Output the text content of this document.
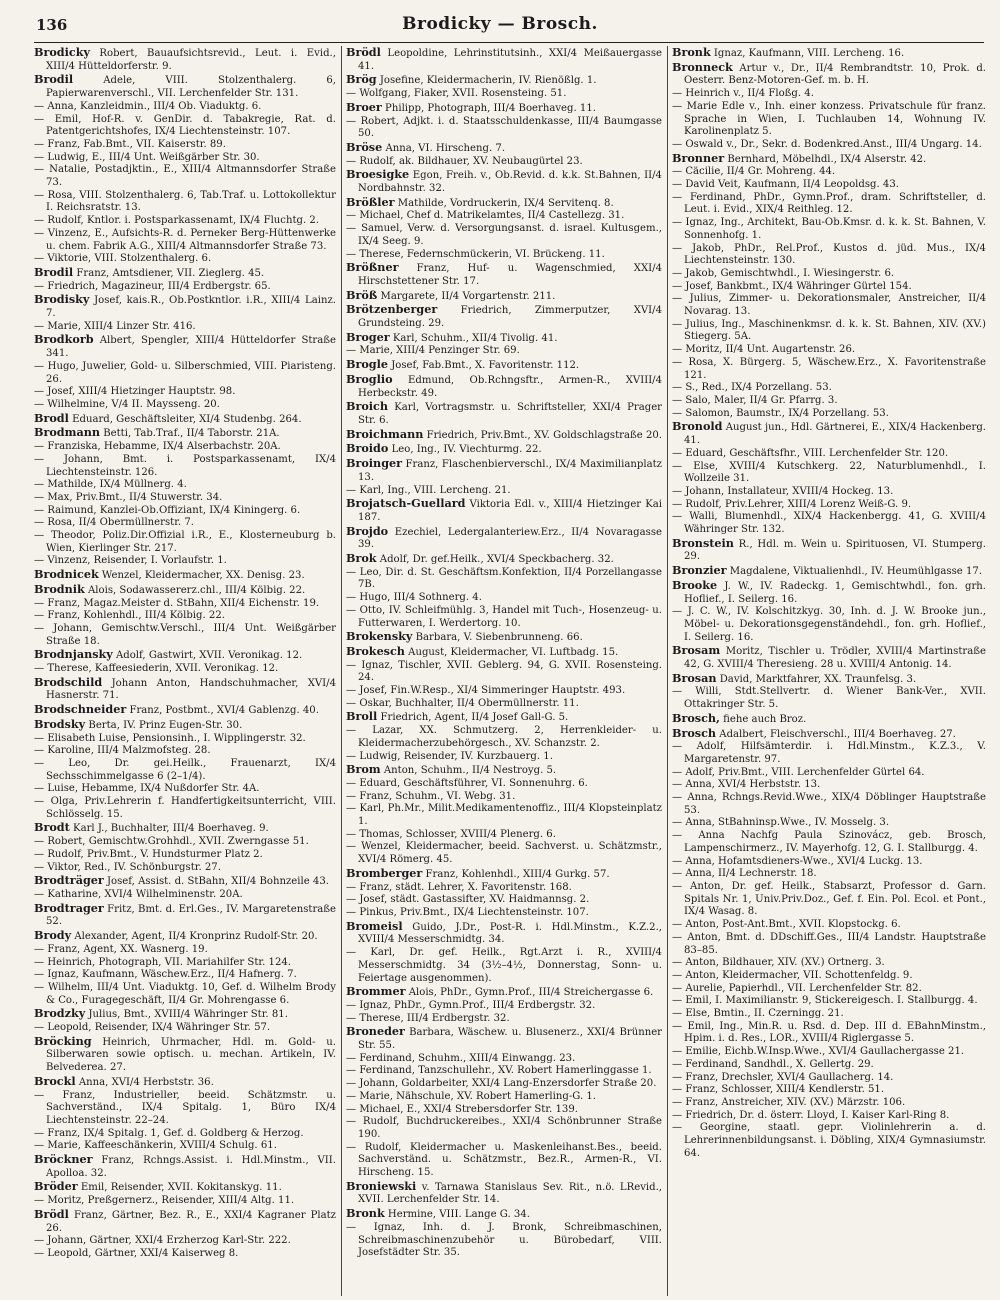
136	Brodicky — Brosch.

Brodicky Robert, Bauaufsichtsrevid., Leut. i. Evid., XIII/4 Hütteldorferstr. 9.

Brodil	Adele, VIII. Stolzenthalerg. 6, Papierwarenverschl., VII. Lerchenfelder Str. 131.

— Anna, Kanzleidmin., III/4 Ob. Viaduktg. 6.

— Emil, Hof-R. v. GenDir. d. Tabakregie, Rat. d. Patentgerichtshofes, IX/4 Liechtensteinstr. 107.

— Franz, Fab.Bmt., VII. Kaiserstr. 89.

— Ludwig, E., III/4 Unt. Weißgärber Str. 30.

— Natalie, Postadjktin., E., XIII/4 Altmannsdorfer Straße 73.

— Rosa, VIII. Stolzenthalerg. 6, Tab.Traf. u. Lottokollektur I. Reichsratstr. 13.

— Rudolf, Kntlor. i. Postsparkassenamt, IX/4 Fluchtg. 2.

— Vinzenz, E., Aufsichts-R. d. Perneker Berg-Hüttenwerke u. chem. Fabrik A.G., XIII/4 Altmannsdorfer Straße 73.

— Viktorie, VIII. Stolzenthalerg. 6.

Brodil Franz, Amtsdiener, VII. Zieglerg. 45.

— Friedrich, Magazineur, III/4 Erdbergstr. 65.

Brodisky Josef, kais.R., Ob.Postkntlor. i.R., XIII/4 Lainz. 7.

— Marie, XIII/4 Linzer Str. 416.

Brodkorb Albert, Spengler, XIII/4 Hütteldorfer Straße 341.

— Hugo, Juwelier, Gold- u. Silberschmied, VIII. Piaristeng. 26.

— Josef, XIII/4 Hietzinger Hauptstr. 98.

— Wilhelmine, V/4 II. Maysseng. 20.

Brodl Eduard, Geschäftsleiter, XI/4 Studenbg. 264.

Brodmann Betti, Tab.Traf., II/4 Taborstr. 21A.

— Franziska, Hebamme, IX/4 Alserbachstr. 20A.

— Johann, Bmt. i. Postsparkassenamt, IX/4 Liechtensteinstr. 126.

— Mathilde, IX/4 Müllnerg. 4.

— Max, Priv.Bmt., II/4 Stuwerstr. 34.

— Raimund, Kanzlei-Ob.Offiziant, IX/4 Kiningerg. 6.

— Rosa, II/4 Obermüllnerstr. 7.

— Theodor, Poliz.Dir.Offizial i.R., E., Klosterneuburg b. Wien, Kierlinger Str. 217.

— Vinzenz, Reisender, I. Vorlaufstr. 1.

Brodnicek Wenzel, Kleidermacher, XX. Denisg. 23.

Brodnik Alois, Sodawassererz.chl., III/4 Kölbig. 22.

— Franz, Magaz.Meister d. StBahn, XII/4 Eichenstr. 19.

— Franz, Kohlenhdl., III/4 Kölbig. 22.

— Johann, Gemischtw.Verschl., III/4 Unt. Weißgärber Straße 18.

Brodnjansky Adolf, Gastwirt, XVII. Veronikag. 12.

— Therese, Kaffeesiederin, XVII. Veronikag. 12.

Brodschild Johann Anton, Handschuhmacher, XVI/4 Hasnerstr. 71.

Brodschneider Franz, Postbmt., XVI/4 Gablenzg. 40.

Brodsky Berta, IV. Prinz Eugen-Str. 30.

— Elisabeth Luise, Pensionsinh., I. Wipplingerstr. 32.

— Karoline, III/4 Malzmofsteg. 28.

— Leo, Dr. gei.Heilk., Frauenarzt, IX/4 Sechsschimmelgasse 6 (2–1/4).

— Luise, Hebamme, IX/4 Nußdorfer Str. 4A.

— Olga, Priv.Lehrerin f. Handfertigkeitsunterricht, VIII. Schlösselg. 15.

Brodt Karl J., Buchhalter, III/4 Boerhaveg. 9.

— Robert, Gemischtw.Grohhdl., XVII. Zwerngasse 51.

— Rudolf, Priv.Bmt., V. Hundsturmer Platz 2.

— Viktor, Red., IV. Schönburgstr. 27.

Brodträger Josef, Assist. d. StBahn, XII/4 Bohnzeile 43.

— Katharine, XVI/4 Wilhelminenstr. 20A.

Brodtrager Fritz, Bmt. d. Erl.Ges., IV. Margaretenstraße 52.

Brody Alexander, Agent, II/4 Kronprinz Rudolf-Str. 20.

— Franz, Agent, XX. Wasnerg. 19.

— Heinrich, Photograph, VII. Mariahilfer Str. 124.

— Ignaz, Kaufmann, Wäschew.Erz., II/4 Hafnerg. 7.

— Wilhelm, III/4 Unt. Viaduktg. 10, Gef. d. Wilhelm Brody & Co., Furagegeschäft, II/4 Gr. Mohrengasse 6.

Brodzky Julius, Bmt., XVIII/4 Währinger Str. 81.

— Leopold, Reisender, IX/4 Währinger Str. 57.

Bröcking Heinrich, Uhrmacher, Hdl. m. Gold- u. Silberwaren sowie optisch. u. mechan. Artikeln, IV. Belvederea. 27.

Brockl Anna, XVI/4 Herbststr. 36.

— Franz, Industrieller, beeid. Schätzmstr. u. Sachverständ., IX/4 Spitalg. 1, Büro IX/4 Liechtensteinstr. 22–24.

— Franz, IX/4 Spitalg. 1, Gef. d. Goldberg & Herzog.

— Marie, Kaffeeschänkerin, XVIII/4 Schulg. 61.

Bröckner Franz, Rchngs.Assist. i. Hdl.Minstm., VII. Apolloa. 32.

Bröder Emil, Reisender, XVII. Kokitanskyg. 11.

— Moritz, Preßgernerz., Reisender, XIII/4 Altg. 11.

Brödl Franz, Gärtner, Bez. R., E., XXI/4 Kagraner Platz 26.

— Johann, Gärtner, XXI/4 Erzherzog Karl-Str. 222.

— Leopold, Gärtner, XXI/4 Kaiserweg 8.

Brödl Leopoldine, Lehrinstitutsinh., XXI/4 Meißauergasse 41.

Brög Josefine, Kleidermacherin, IV. Rienößlg. 1.

— Wolfgang, Fiaker, XVII. Rosensteing. 51.

Broer Philipp, Photograph, III/4 Boerhaveg. 11.

— Robert, Adjkt. i. d. Staatsschuldenkasse, III/4 Baumgasse 50.

Bröse Anna, VI. Hirscheng. 7.

— Rudolf, ak. Bildhauer, XV. Neubaugürtel 23.

Broesigke Egon, Freih. v., Ob.Revid. d. k.k. St.Bahnen, II/4 Nordbahnstr. 32.

Brößler Mathilde, Vordruckerin, IX/4 Servitenq. 8.

— Michael, Chef d. Matrikelamtes, II/4 Castellezg. 31.

— Samuel, Verw. d. Versorgungsanst. d. israel. Kultusgem., IX/4 Seeg. 9.

— Therese, Federnschmückerin, VI. Brückeng. 11.

Brößner Franz, Huf- u. Wagenschmied, XXI/4 Hirschstettener Str. 17.

Bröß Margarete, II/4 Vorgartenstr. 211.

Brötzenberger Friedrich, Zimmerputzer, XVI/4 Grundsteing. 29.

Broger Karl, Schuhm., XII/4 Tivolig. 41.

— Marie, XIII/4 Penzinger Str. 69.

Brogle Josef, Fab.Bmt., X. Favoritenstr. 112.

Broglio Edmund, Ob.Rchngsftr., Armen-R., XVIII/4 Herbeckstr. 49.

Broich Karl, Vortragsmstr. u. Schriftsteller, XXI/4 Prager Str. 6.

Broichmann Friedrich, Priv.Bmt., XV. Goldschlagstraße 20.

Broido Leo, Ing., IV. Viechturmg. 22.

Broinger Franz, Flaschenbierverschl., IX/4 Maximilianplatz 13.

— Karl, Ing., VIII. Lercheng. 21.

Brojatsch-Guellard Viktoria Edl. v., XIII/4 Hietzinger Kai 187.

Brojdo Ezechiel, Ledergalanteriew.Erz., II/4 Novaragasse 39.

Brok Adolf, Dr. gef.Heilk., XVI/4 Speckbacherg. 32.

— Leo, Dir. d. St. Geschäftsm.Konfektion, II/4 Porzellangasse 7B.

— Hugo, III/4 Sothnerg. 4.

— Otto, IV. Schleifmühlg. 3, Handel mit Tuch-, Hosenzeug- u. Futterwaren, I. Werdertorg. 10.

Brokensky Barbara, V. Siebenbrunneng. 66.

Brokesch August, Kleidermacher, VI. Luftbadg. 15.

— Ignaz, Tischler, XVII. Geblerg. 94, G. XVII. Rosensteing. 24.

— Josef, Fin.W.Resp., XI/4 Simmeringer Hauptstr. 493.

— Oskar, Buchhalter, II/4 Obermüllnerstr. 11.

Broll Friedrich, Agent, II/4 Josef Gall-G. 5.

— Lazar, XX. Schmutzerg. 2, Herrenkleider- u. Kleidermacherzubehörgesch., XV. Schanzstr. 2.

— Ludwig, Reisender, IV. Kurzbauerg. 1.

Brom Anton, Schuhm., II/4 Nestroyg. 5.

— Eduard, Geschäftsführer, VI. Sonnenuhrg. 6.

— Franz, Schuhm., VI. Webg. 31.

— Karl, Ph.Mr., Milit.Medikamentenoffiz., III/4 Klopsteinplatz 1.

— Thomas, Schlosser, XVIII/4 Plenerg. 6.

— Wenzel, Kleidermacher, beeid. Sachverst. u. Schätzmstr., XVI/4 Römerg. 45.

Bromberger Franz, Kohlenhdl., XIII/4 Gurkg. 57.

— Franz, städt. Lehrer, X. Favoritenstr. 168.

— Josef, städt. Gastassifter, XV. Haidmannsg. 2.

— Pinkus, Priv.Bmt., IX/4 Liechtensteinstr. 107.

Bromeisl Guido, J.Dr., Post-R. i. Hdl.Minstm., K.Z.2., XVIII/4 Messerschmidtg. 34.

— Karl, Dr. gef. Heilk., Rgt.Arzt i. R., XVIII/4 Messerschmidtg. 34 (3½–4½, Donnerstag, Sonn- u. Feiertage ausgenommen).

Brommer Alois, PhDr., Gymn.Prof., III/4 Streichergasse 6.

— Ignaz, PhDr., Gymn.Prof., III/4 Erdbergstr. 32.

— Therese, III/4 Erdbergstr. 32.

Broneder Barbara, Wäschew. u. Blusenerz., XXI/4 Brünner Str. 55.

— Ferdinand, Schuhm., XIII/4 Einwangg. 23.

— Ferdinand, Tanzschullehr., XV. Robert Hamerlinggasse 1.

— Johann, Goldarbeiter, XXI/4 Lang-Enzersdorfer Straße 20.

— Marie, Nähschule, XV. Robert Hamerling-G. 1.

— Michael, E., XXI/4 Strebersdorfer Str. 139.

— Rudolf, Buchdruckereibes., XXI/4 Schönbrunner Straße 190.

— Rudolf, Kleidermacher u. Maskenleihanst.Bes., beeid. Sachverständ. u. Schätzmstr., Bez.R., Armen-R., VI. Hirscheng. 15.

Broniewski v. Tarnawa Stanislaus Sev. Rit., n.ö. LRevid., XVII. Lerchenfelder Str. 14.

Bronk Hermine, VIII. Lange G. 34.

— Ignaz, Inh. d. J. Bronk, Schreibmaschinen, Schreibmaschinenzubehör u. Bürobedarf, VIII. Josefstädter Str. 35.

Bronk Ignaz, Kaufmann, VIII. Lercheng. 16.

Bronneck Artur v., Dr., II/4 Rembrandtstr. 10, Prok. d. Oesterr. Benz-Motoren-Gef. m. b. H.

— Heinrich v., II/4 Floßg. 4.

— Marie Edle v., Inh. einer konzess. Privatschule für franz. Sprache in Wien, I. Tuchlauben 14, Wohnung IV. Karolinenplatz 5.

— Oswald v., Dr., Sekr. d. Bodenkred.Anst., III/4 Ungarg. 14.

Bronner Bernhard, Möbelhdl., IX/4 Alserstr. 42.

— Cäcilie, II/4 Gr. Mohreng. 44.

— David Veit, Kaufmann, II/4 Leopoldsg. 43.

— Ferdinand, PhDr., Gymn.Prof., dram. Schriftsteller, d. Leut. i. Evid., XIX/4 Reithleg. 12.

— Ignaz, Ing., Architekt, Bau-Ob.Kmsr. d. k. k. St. Bahnen, V. Sonnenhofg. 1.

— Jakob, PhDr., Rel.Prof., Kustos d. jüd. Mus., IX/4 Liechtensteinstr. 130.

— Jakob, Gemischtwhdl., I. Wiesingerstr. 6.

— Josef, Bankbmt., IX/4 Währinger Gürtel 154.

— Julius, Zimmer- u. Dekorationsmaler, Anstreicher, II/4 Novarag. 13.

— Julius, Ing., Maschinenkmsr. d. k. k. St. Bahnen, XIV. (XV.) Stiegerg. 5A.

— Moritz, II/4 Unt. Augartenstr. 26.

— Rosa, X. Bürgerg. 5, Wäschew.Erz., X. Favoritenstraße 121.

— S., Red., IX/4 Porzellang. 53.

— Salo, Maler, II/4 Gr. Pfarrg. 3.

— Salomon, Baumstr., IX/4 Porzellang. 53.

Bronold August jun., Hdl. Gärtnerei, E., XIX/4 Hackenberg. 41.

— Eduard, Geschäftsfhr., VIII. Lerchenfelder Str. 120.

— Else, XVIII/4 Kutschkerg. 22, Naturblumenhdl., I. Wollzeile 31.

— Johann, Installateur, XVIII/4 Hockeg. 13.

— Rudolf, Priv.Lehrer, XIII/4 Lorenz Weiß-G. 9.

— Walli, Blumenhdl., XIX/4 Hackenbergg. 41, G. XVIII/4 Währinger Str. 132.

Bronstein R., Hdl. m. Wein u. Spirituosen, VI. Stumperg. 29.

Bronzier Magdalene, Viktualienhdl., IV. Heumühlgasse 17.

Brooke J. W., IV. Radeckg. 1, Gemischtwhdl., fon. grh. Hoflief., I. Seilerg. 16.

— J. C. W., IV. Kolschitzkyg. 30, Inh. d. J. W. Brooke jun., Möbel- u. Dekorationsgegenständehdl., fon. grh. Hoflief., I. Seilerg. 16.

Brosam Moritz, Tischler u. Trödler, XVIII/4 Martinstraße 42, G. XVIII/4 Theresieng. 28 u. XVIII/4 Antonig. 14.

Brosan David, Marktfahrer, XX. Traunfelsg. 3.

— Willi, Stdt.Stellvertr. d. Wiener Bank-Ver., XVII. Ottakringer Str. 5.

Brosch, fiehe auch Broz.

Brosch Adalbert, Fleischverschl., III/4 Boerhaveg. 27.

— Adolf, Hilfsämterdir. i. Hdl.Minstm., K.Z.3., V. Margaretenstr. 97.

— Adolf, Priv.Bmt., VIII. Lerchenfelder Gürtel 64.

— Anna, XVI/4 Herbststr. 13.

— Anna, Rchngs.Revid.Wwe., XIX/4 Döblinger Hauptstraße 53.

— Anna, StBahninsp.Wwe., IV. Mosselg. 3.

— Anna Nachfg Paula Szinovácz, geb. Brosch, Lampenschirmerz., IV. Mayerhofg. 12, G. I. Stallburgg. 4.

— Anna, Hofamtsdieners-Wwe., XVI/4 Luckg. 13.

— Anna, II/4 Lechnerstr. 18.

— Anton, Dr. gef. Heilk., Stabsarzt, Professor d. Garn. Spitals Nr. 1, Univ.Priv.Doz., Gef. f. Ein. Pol. Ecol. et Pont., IX/4 Wasag. 8.

— Anton, Post-Ant.Bmt., XVII. Klopstockg. 6.

— Anton, Bmt. d. DDschiff.Ges., III/4 Landstr. Hauptstraße 83–85.

— Anton, Bildhauer, XIV. (XV.) Ortnerg. 3.

— Anton, Kleidermacher, VII. Schottenfeldg. 9.

— Aurelie, Papierhdl., VII. Lerchenfelder Str. 82.

— Emil, I. Maximilianstr. 9, Stickereigesch. I. Stallburgg. 4.

— Else, Bmtin., II. Czerningg. 21.

— Emil, Ing., Min.R. u. Rsd. d. Dep. III d. EBahnMinstm., Hpim. i. d. Res., LOR., XVIII/4 Riglergasse 5.

— Emilie, Eichb.W.Insp.Wwe., XVI/4 Gaullachergasse 21.

— Ferdinand, Sandhdl., X. Gellertg. 29.

— Franz, Drechsler, XVI/4 Gaullacherg. 14.

— Franz, Schlosser, XIII/4 Kendlerstr. 51.

— Franz, Anstreicher, XIV. (XV.) Märzstr. 106.

— Friedrich, Dr. d. österr. Lloyd, I. Kaiser Karl-Ring 8.

— Georgine, staatl. gepr. Violinlehrerin a. d. Lehrerinnenbildungsanst. i. Döbling, XIX/4 Gymnasiumstr. 64.
